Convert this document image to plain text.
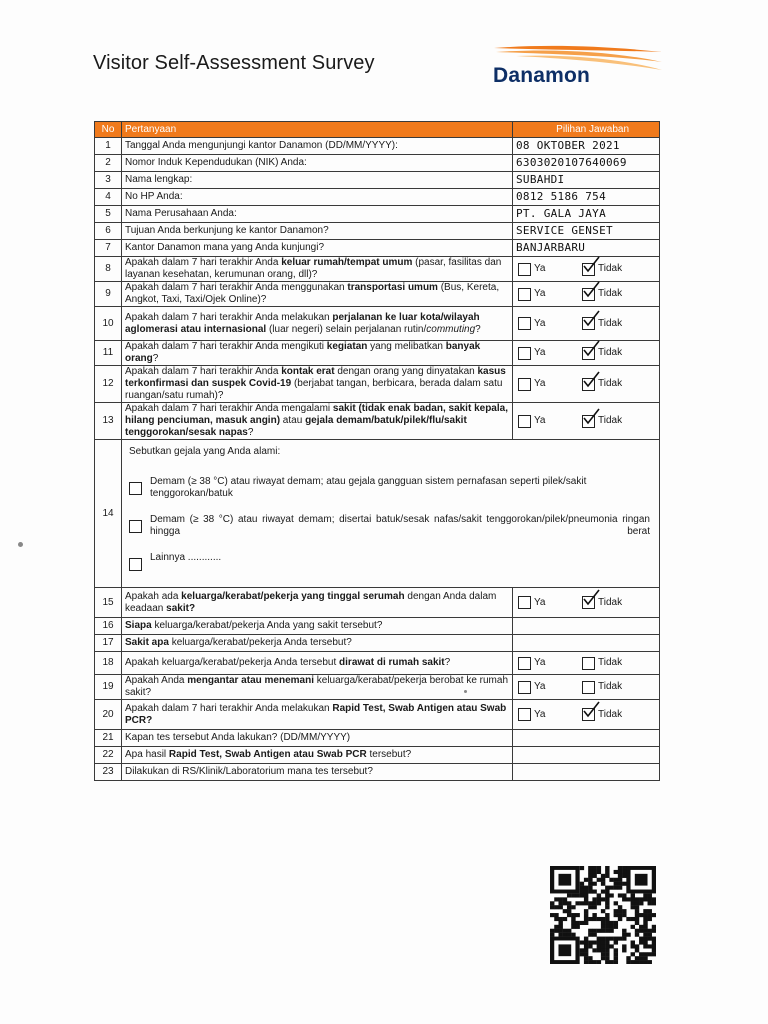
Visitor Self-Assessment Survey
Danamon
No	Pertanyaan	Pilihan Jawaban
1	Tanggal Anda mengunjungi kantor Danamon (DD/MM/YYYY):	08 OKTOBER 2021
2	Nomor Induk Kependudukan (NIK) Anda:	6303020107640069
3	Nama lengkap:	SUBAHDI
4	No HP Anda:	0812 5186 754
5	Nama Perusahaan Anda:	PT. GALA JAYA
6	Tujuan Anda berkunjung ke kantor Danamon?	SERVICE GENSET
7	Kantor Danamon mana yang Anda kunjungi?	BANJARBARU
8	Apakah dalam 7 hari terakhir Anda keluar rumah/tempat umum (pasar, fasilitas dan layanan kesehatan, kerumunan orang, dll)?	Ya Tidak

9	Apakah dalam 7 hari terakhir Anda menggunakan transportasi umum (Bus, Kereta, Angkot, Taxi, Taxi/Ojek Online)?	Ya Tidak

10	Apakah dalam 7 hari terakhir Anda melakukan perjalanan ke luar kota/wilayah aglomerasi atau internasional (luar negeri) selain perjalanan rutin/commuting?	Ya Tidak

11	Apakah dalam 7 hari terakhir Anda mengikuti kegiatan yang melibatkan banyak orang?	Ya Tidak

12	Apakah dalam 7 hari terakhir Anda kontak erat dengan orang yang dinyatakan kasus terkonfirmasi dan suspek Covid-19 (berjabat tangan, berbicara, berada dalam satu ruangan/satu rumah)?	Ya Tidak

13	Apakah dalam 7 hari terakhir Anda mengalami sakit (tidak enak badan, sakit kepala, hilang penciuman, masuk angin) atau gejala demam/batuk/pilek/flu/sakit tenggorokan/sesak napas?	Ya Tidak

14	Sebutkan gejala yang Anda alami:
Demam (≥ 38 °C) atau riwayat demam; atau gejala gangguan sistem pernafasan seperti pilek/sakit tenggorokan/batuk
Demam (≥ 38 °C) atau riwayat demam; disertai batuk/sesak nafas/sakit tenggorokan/pilek/pneumonia ringan hingga berat
Lainnya ............	

15	Apakah ada keluarga/kerabat/pekerja yang tinggal serumah dengan Anda dalam keadaan sakit?	Ya Tidak

16	Siapa keluarga/kerabat/pekerja Anda yang sakit tersebut?	
17	Sakit apa keluarga/kerabat/pekerja Anda tersebut?	
18	Apakah keluarga/kerabat/pekerja Anda tersebut dirawat di rumah sakit?	Ya Tidak

19	Apakah Anda mengantar atau menemani keluarga/kerabat/pekerja berobat ke rumah sakit?	Ya Tidak

20	Apakah dalam 7 hari terakhir Anda melakukan Rapid Test, Swab Antigen atau Swab PCR?	Ya Tidak

21	Kapan tes tersebut Anda lakukan? (DD/MM/YYYY)	
22	Apa hasil Rapid Test, Swab Antigen atau Swab PCR tersebut?	
23	Dilakukan di RS/Klinik/Laboratorium mana tes tersebut?	
